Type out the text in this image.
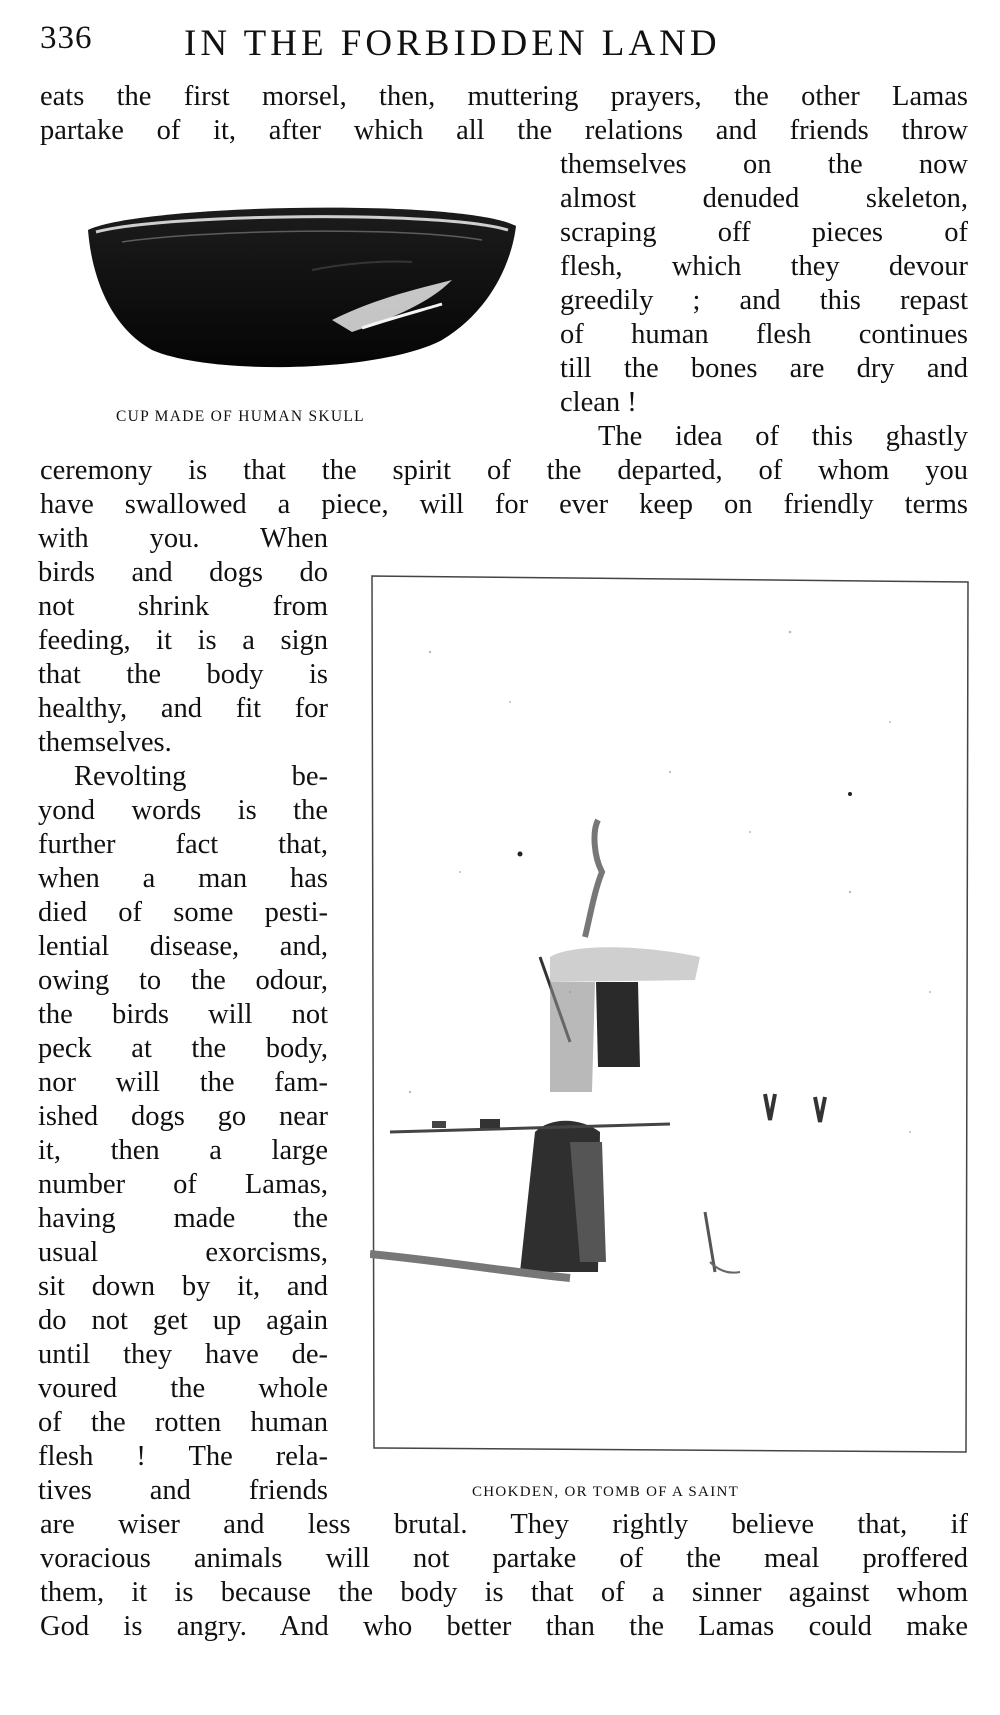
336 IN THE FORBIDDEN LAND
eats the first morsel, then, muttering prayers, the other Lamas
partake of it, after which all the relations and friends throw
CUP MADE OF HUMAN SKULL
themselves on the now
almost denuded skeleton,
scraping off pieces of
flesh, which they devour
greedily ; and this repast
of human flesh continues
till the bones are dry and
clean !
The idea of this ghastly
ceremony is that the spirit of the departed, of whom you
have swallowed a piece, will for ever keep on friendly terms
with you. When
birds and dogs do
not shrink from
feeding, it is a sign
that the body is
healthy, and fit for
themselves.
Revolting be-
yond words is the
further fact that,
when a man has
died of some pesti-
lential disease, and,
owing to the odour,
the birds will not
peck at the body,
nor will the fam-
ished dogs go near
it, then a large
number of Lamas,
having made the
usual exorcisms,
sit down by it, and
do not get up again
until they have de-
voured the whole
of the rotten human
flesh ! The rela-
tives and friends	CHOKDEN, OR TOMB OF A SAINT
are wiser and less brutal. They rightly believe that, if
voracious animals will not partake of the meal proffered
them, it is because the body is that of a sinner against whom
God is angry. And who better than the Lamas could make
